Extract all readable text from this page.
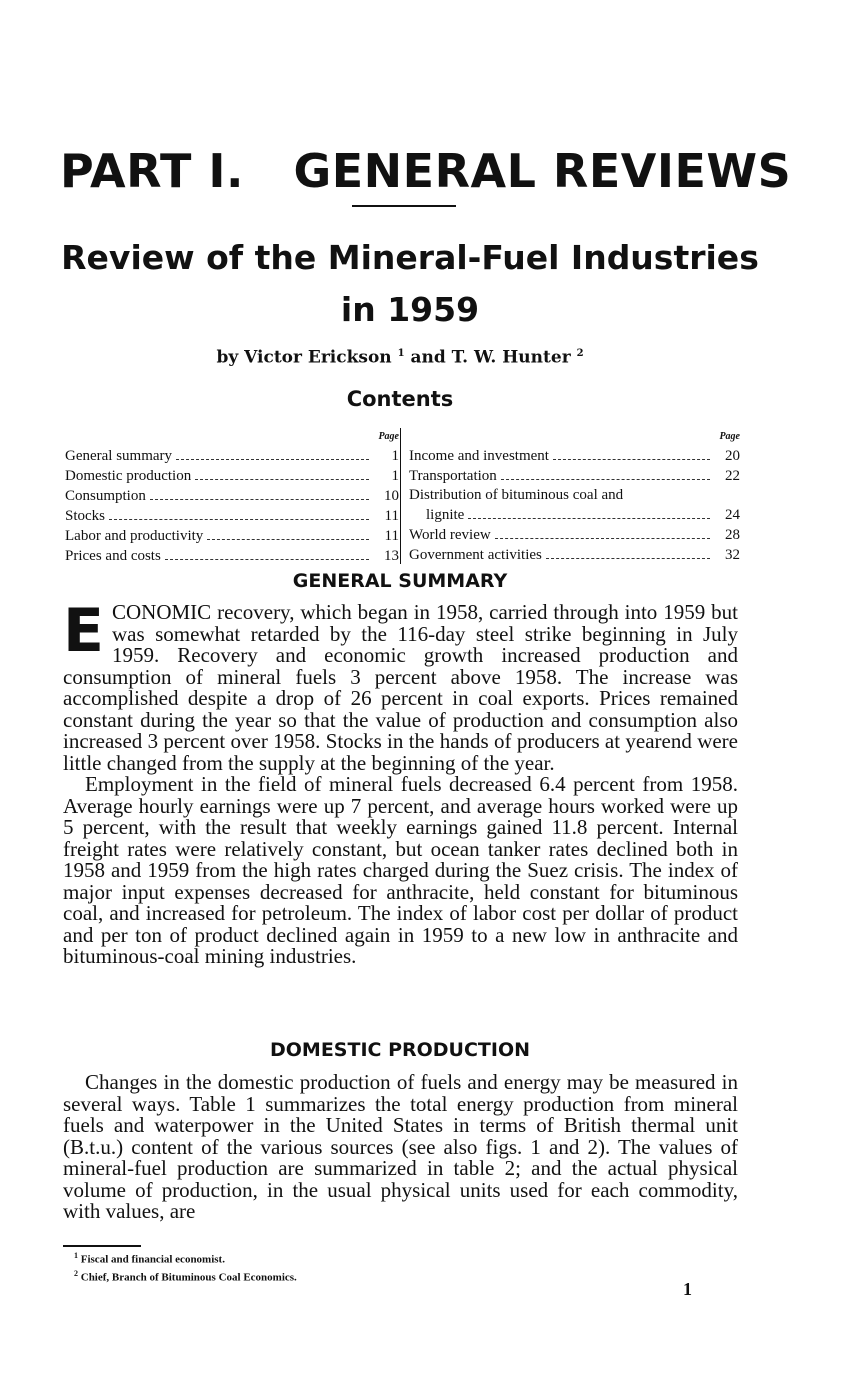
PART I.   GENERAL REVIEWS
Review of the Mineral-Fuel Industries
in 1959
by Victor Erickson $^1$ and T. W. Hunter $^2$
Contents
Page
General summary	1
Domestic production	1
Consumption	10
Stocks	11
Labor and productivity	11
Prices and costs	13
Page
Income and investment	20
Transportation	22
Distribution of bituminous coal and
lignite	24
World review	28
Government activities	32
GENERAL SUMMARY

ECONOMIC recovery, which began in 1958, carried through into 1959 but was somewhat retarded by the 116-day steel strike beginning in July 1959. Recovery and economic growth increased production and consumption of mineral fuels 3 percent above 1958. The increase was accomplished despite a drop of 26 percent in coal exports. Prices remained constant during the year so that the value of production and consumption also increased 3 percent over 1958. Stocks in the hands of producers at yearend were little changed from the supply at the beginning of the year.

Employment in the field of mineral fuels decreased 6.4 percent from 1958. Average hourly earnings were up 7 percent, and average hours worked were up 5 percent, with the result that weekly earnings gained 11.8 percent. Internal freight rates were relatively constant, but ocean tanker rates declined both in 1958 and 1959 from the high rates charged during the Suez crisis. The index of major input expenses decreased for anthracite, held constant for bituminous coal, and increased for petroleum. The index of labor cost per dollar of product and per ton of product declined again in 1959 to a new low in anthracite and bituminous-coal mining industries.

DOMESTIC PRODUCTION

Changes in the domestic production of fuels and energy may be measured in several ways. Table 1 summarizes the total energy production from mineral fuels and waterpower in the United States in terms of British thermal unit (B.t.u.) content of the various sources (see also figs. 1 and 2). The values of mineral-fuel production are summarized in table 2; and the actual physical volume of production, in the usual physical units used for each commodity, with values, are

$^1$ Fiscal and financial economist.
$^2$ Chief, Branch of Bituminous Coal Economics.
1
